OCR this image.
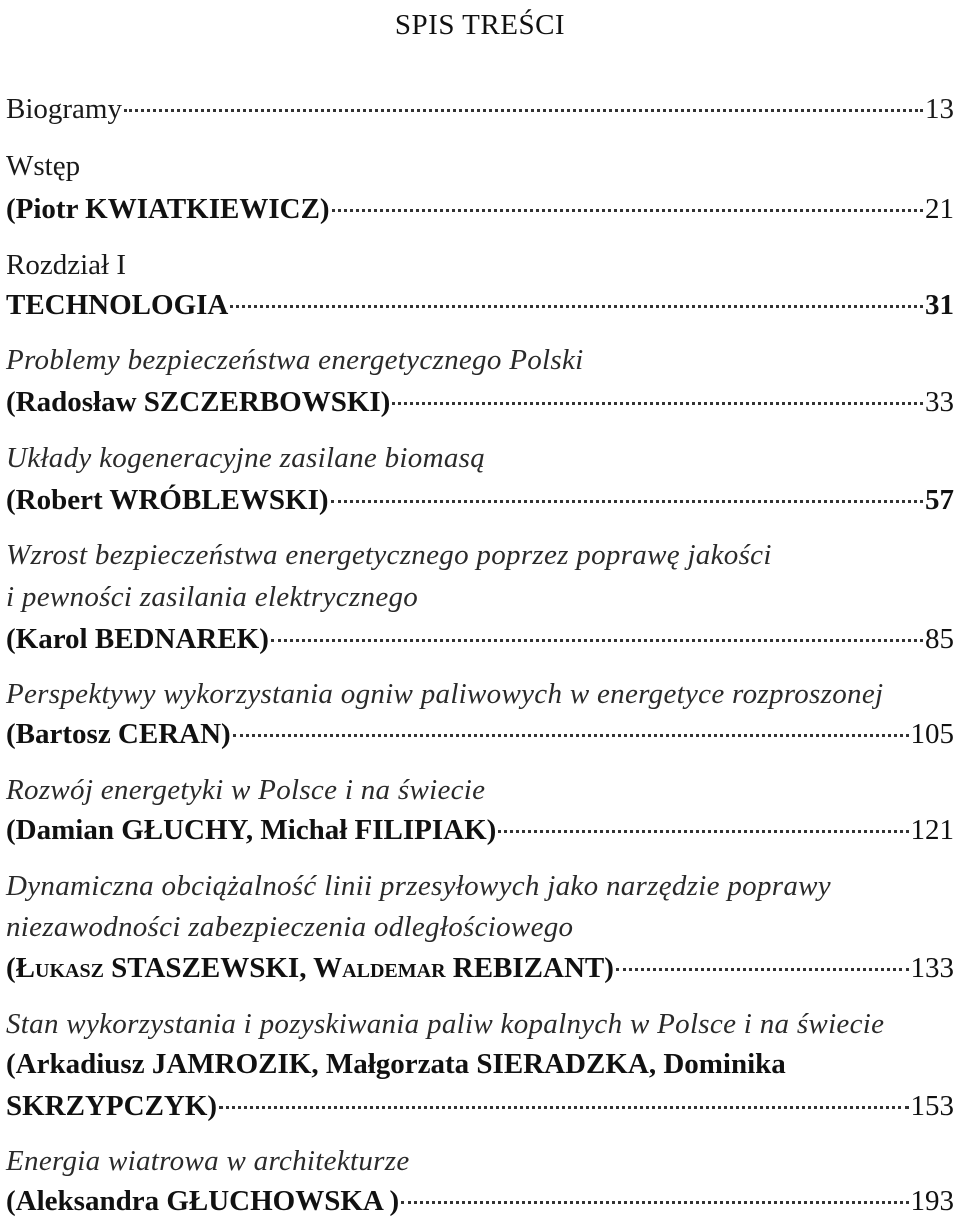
SPIS TREŚCI
Biogramy	13
Wstęp
(Piotr KWIATKIEWICZ)	21
Rozdział I
TECHNOLOGIA	31
Problemy bezpieczeństwa energetycznego Polski
(Radosław SZCZERBOWSKI)	33
Układy kogeneracyjne zasilane biomasą
(Robert WRÓBLEWSKI)	57
Wzrost bezpieczeństwa energetycznego poprzez poprawę jakości
i pewności zasilania elektrycznego
(Karol BEDNAREK)	85
Perspektywy wykorzystania ogniw paliwowych w energetyce rozproszonej
(Bartosz CERAN)	105
Rozwój energetyki w Polsce i na świecie
(Damian GŁUCHY, Michał FILIPIAK)	121
Dynamiczna obciążalność linii przesyłowych jako narzędzie poprawy
niezawodności zabezpieczenia odległościowego
(Łukasz STASZEWSKI, Waldemar REBIZANT)	133
Stan wykorzystania i pozyskiwania paliw kopalnych w Polsce i na świecie
(Arkadiusz JAMROZIK, Małgorzata SIERADZKA, Dominika
SKRZYPCZYK)	153
Energia wiatrowa w architekturze
(Aleksandra GŁUCHOWSKA )	193
